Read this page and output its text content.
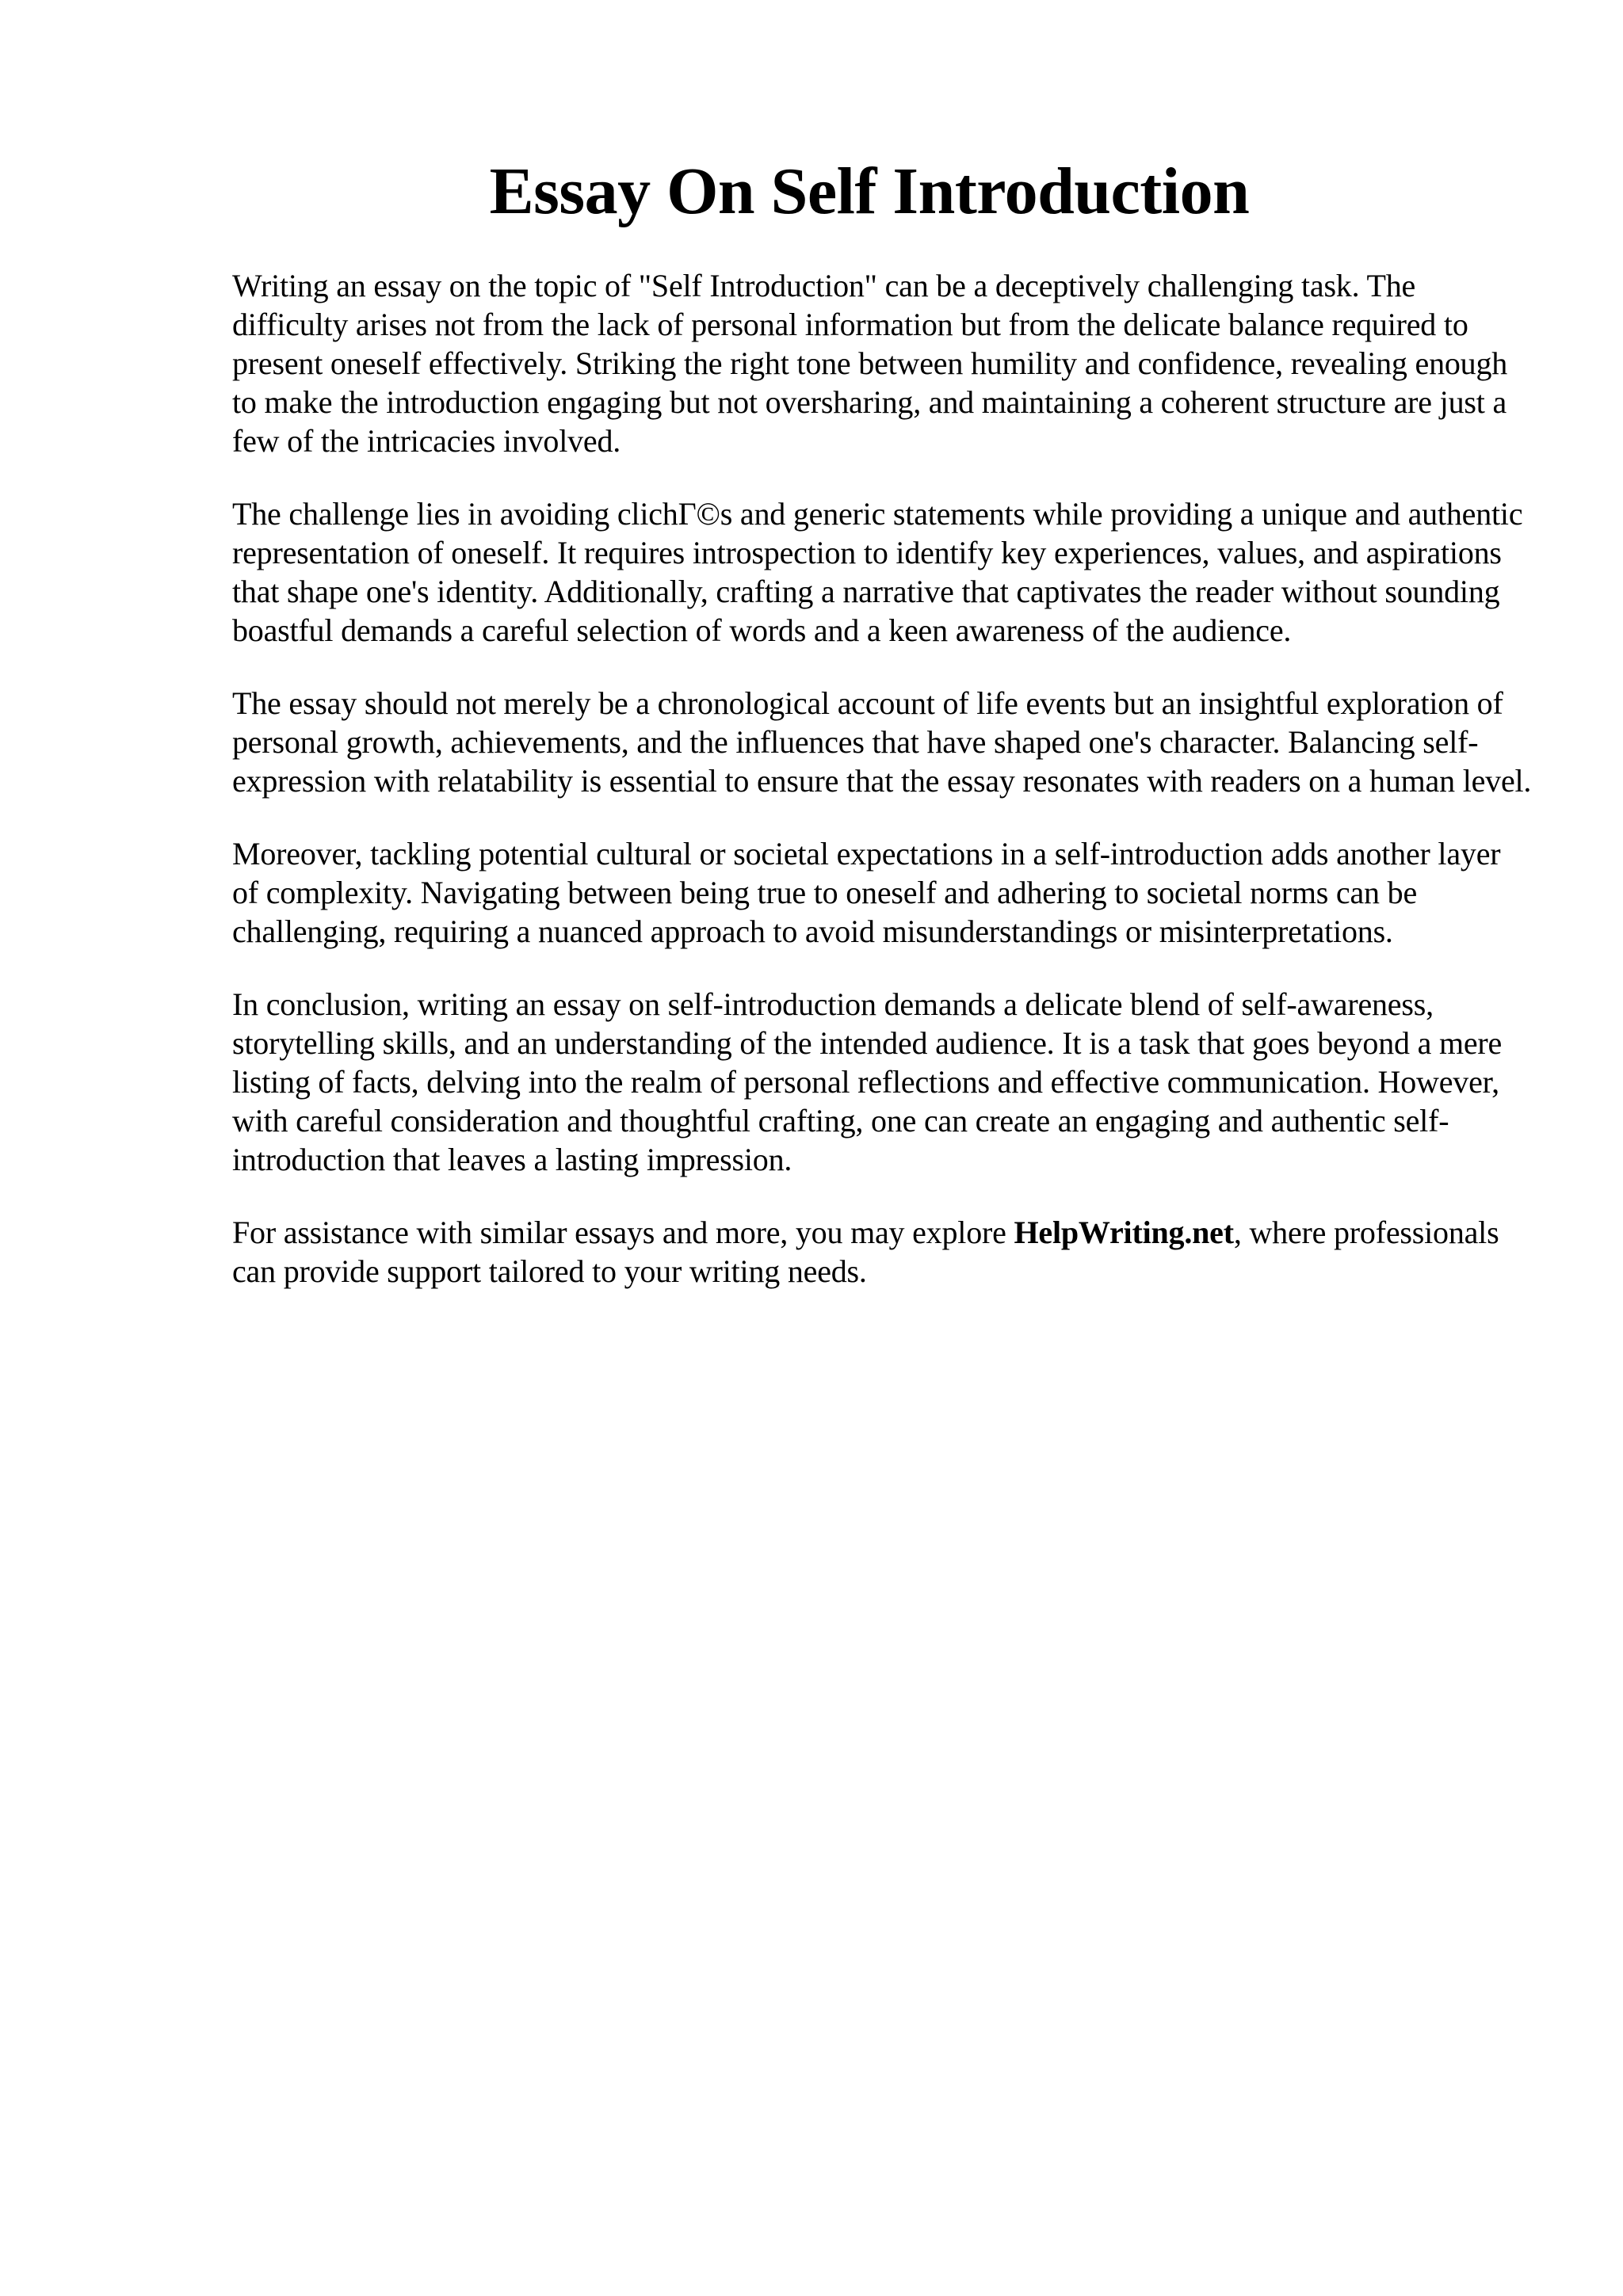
Essay On Self Introduction

Writing an essay on the topic of "Self Introduction" can be a deceptively challenging task. The difficulty arises not from the lack of personal information but from the delicate balance required to present oneself effectively. Striking the right tone between humility and confidence, revealing enough to make the introduction engaging but not oversharing, and maintaining a coherent structure are just a few of the intricacies involved.

The challenge lies in avoiding clichΓ©s and generic statements while providing a unique and authentic representation of oneself. It requires introspection to identify key experiences, values, and aspirations that shape one's identity. Additionally, crafting a narrative that captivates the reader without sounding boastful demands a careful selection of words and a keen awareness of the audience.

The essay should not merely be a chronological account of life events but an insightful exploration of personal growth, achievements, and the influences that have shaped one's character. Balancing self-expression with relatability is essential to ensure that the essay resonates with readers on a human level.

Moreover, tackling potential cultural or societal expectations in a self-introduction adds another layer of complexity. Navigating between being true to oneself and adhering to societal norms can be challenging, requiring a nuanced approach to avoid misunderstandings or misinterpretations.

In conclusion, writing an essay on self-introduction demands a delicate blend of self-awareness, storytelling skills, and an understanding of the intended audience. It is a task that goes beyond a mere listing of facts, delving into the realm of personal reflections and effective communication. However, with careful consideration and thoughtful crafting, one can create an engaging and authentic self-introduction that leaves a lasting impression.

For assistance with similar essays and more, you may explore HelpWriting.net, where professionals can provide support tailored to your writing needs.
